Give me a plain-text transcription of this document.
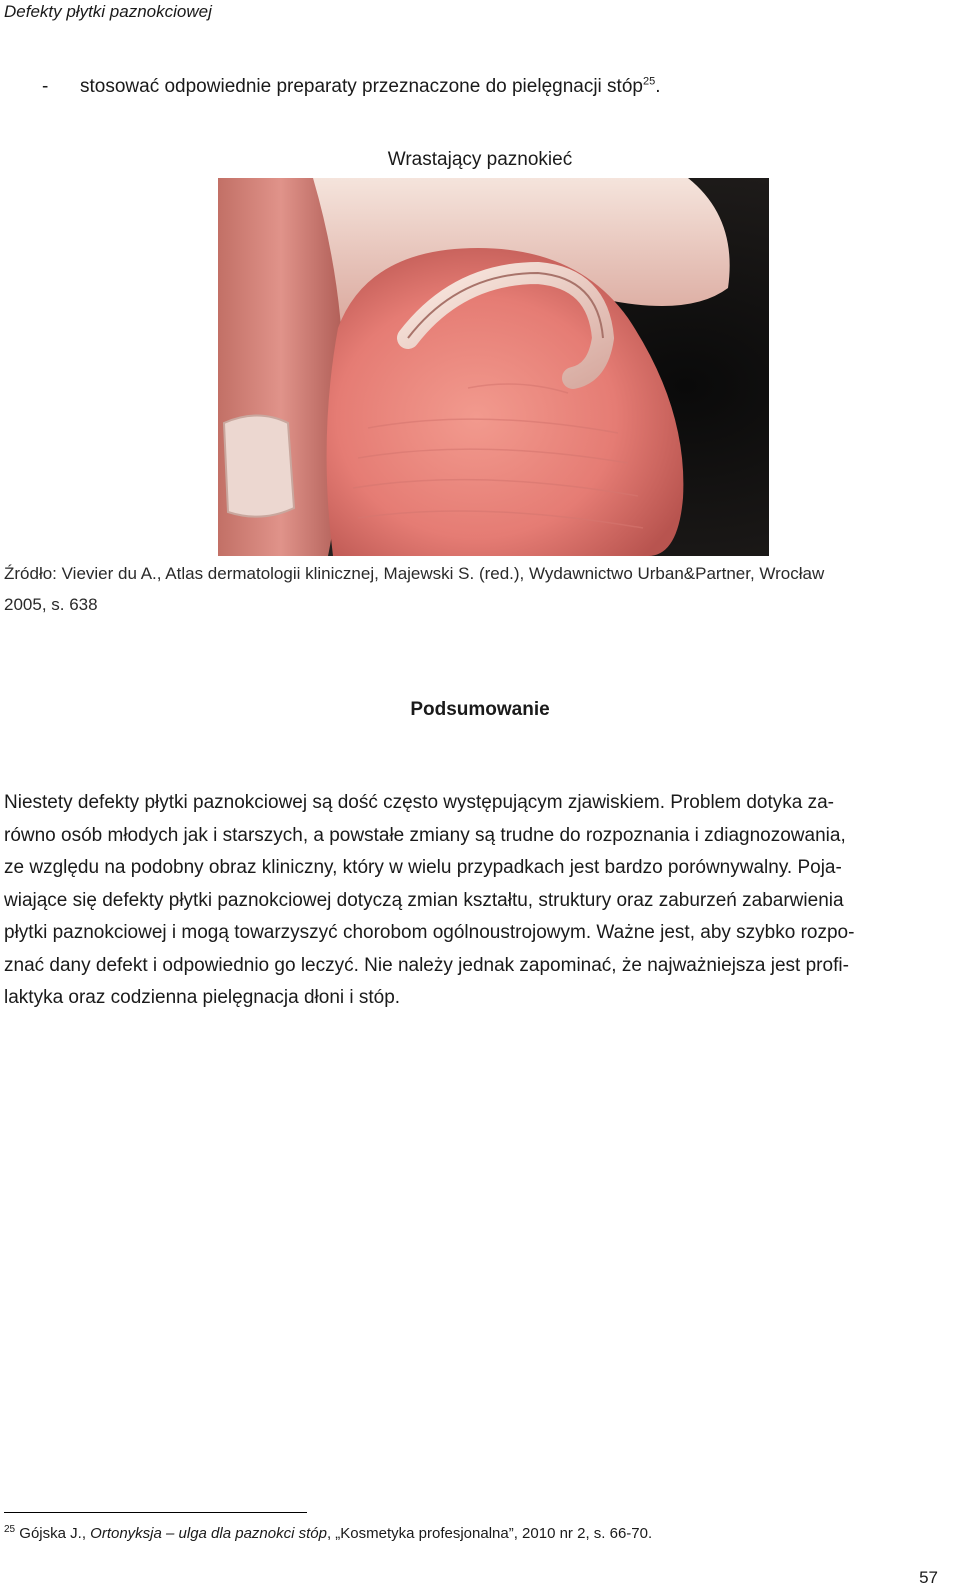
Defekty płytki paznokciowej
- stosować odpowiednie preparaty przeznaczone do pielęgnacji stóp$^{25}$.
Wrastający paznokieć
Źródło: Vievier du A., Atlas dermatologii klinicznej, Majewski S. (red.), Wydawnictwo Urban&Partner, Wrocław
2005, s. 638
Podsumowanie
Niestety defekty płytki paznokciowej są dość często występującym zjawiskiem. Problem dotyka za-
równo osób młodych jak i starszych, a powstałe zmiany są trudne do rozpoznania i zdiagnozowania,
ze względu na podobny obraz kliniczny, który w wielu przypadkach jest bardzo porównywalny. Poja-
wiające się defekty płytki paznokciowej dotyczą zmian kształtu, struktury oraz zaburzeń zabarwienia
płytki paznokciowej i mogą towarzyszyć chorobom ogólnoustrojowym. Ważne jest, aby szybko rozpo-
znać dany defekt i odpowiednio go leczyć. Nie należy jednak zapominać, że najważniejsza jest profi-
laktyka oraz codzienna pielęgnacja dłoni i stóp.
$^{25}$ Gójska J., Ortonyksja – ulga dla paznokci stóp, „Kosmetyka profesjonalna”, 2010 nr 2, s. 66-70.
57
